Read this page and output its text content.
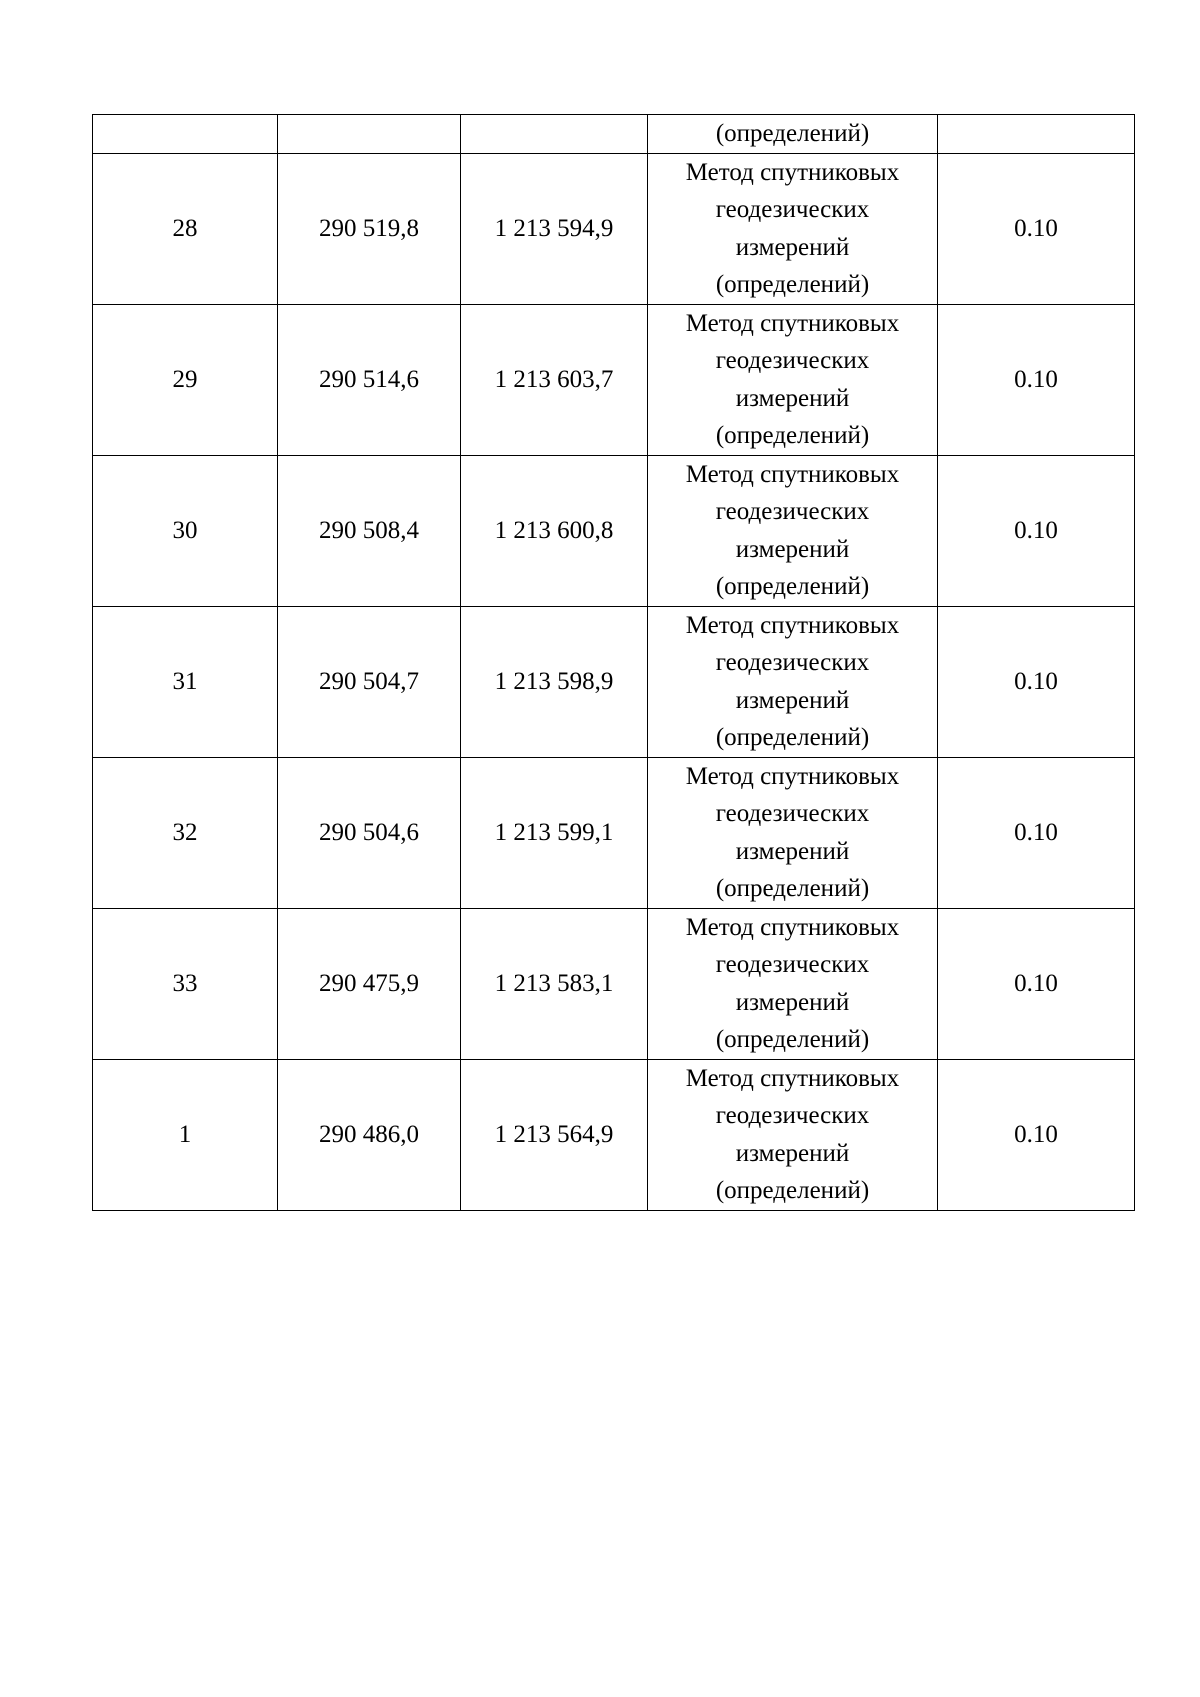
			(определений)	
28	290 519,8	1 213 594,9	Метод спутниковых
геодезических
измерений
(определений)	0.10
29	290 514,6	1 213 603,7	Метод спутниковых
геодезических
измерений
(определений)	0.10
30	290 508,4	1 213 600,8	Метод спутниковых
геодезических
измерений
(определений)	0.10
31	290 504,7	1 213 598,9	Метод спутниковых
геодезических
измерений
(определений)	0.10
32	290 504,6	1 213 599,1	Метод спутниковых
геодезических
измерений
(определений)	0.10
33	290 475,9	1 213 583,1	Метод спутниковых
геодезических
измерений
(определений)	0.10
1	290 486,0	1 213 564,9	Метод спутниковых
геодезических
измерений
(определений)	0.10
